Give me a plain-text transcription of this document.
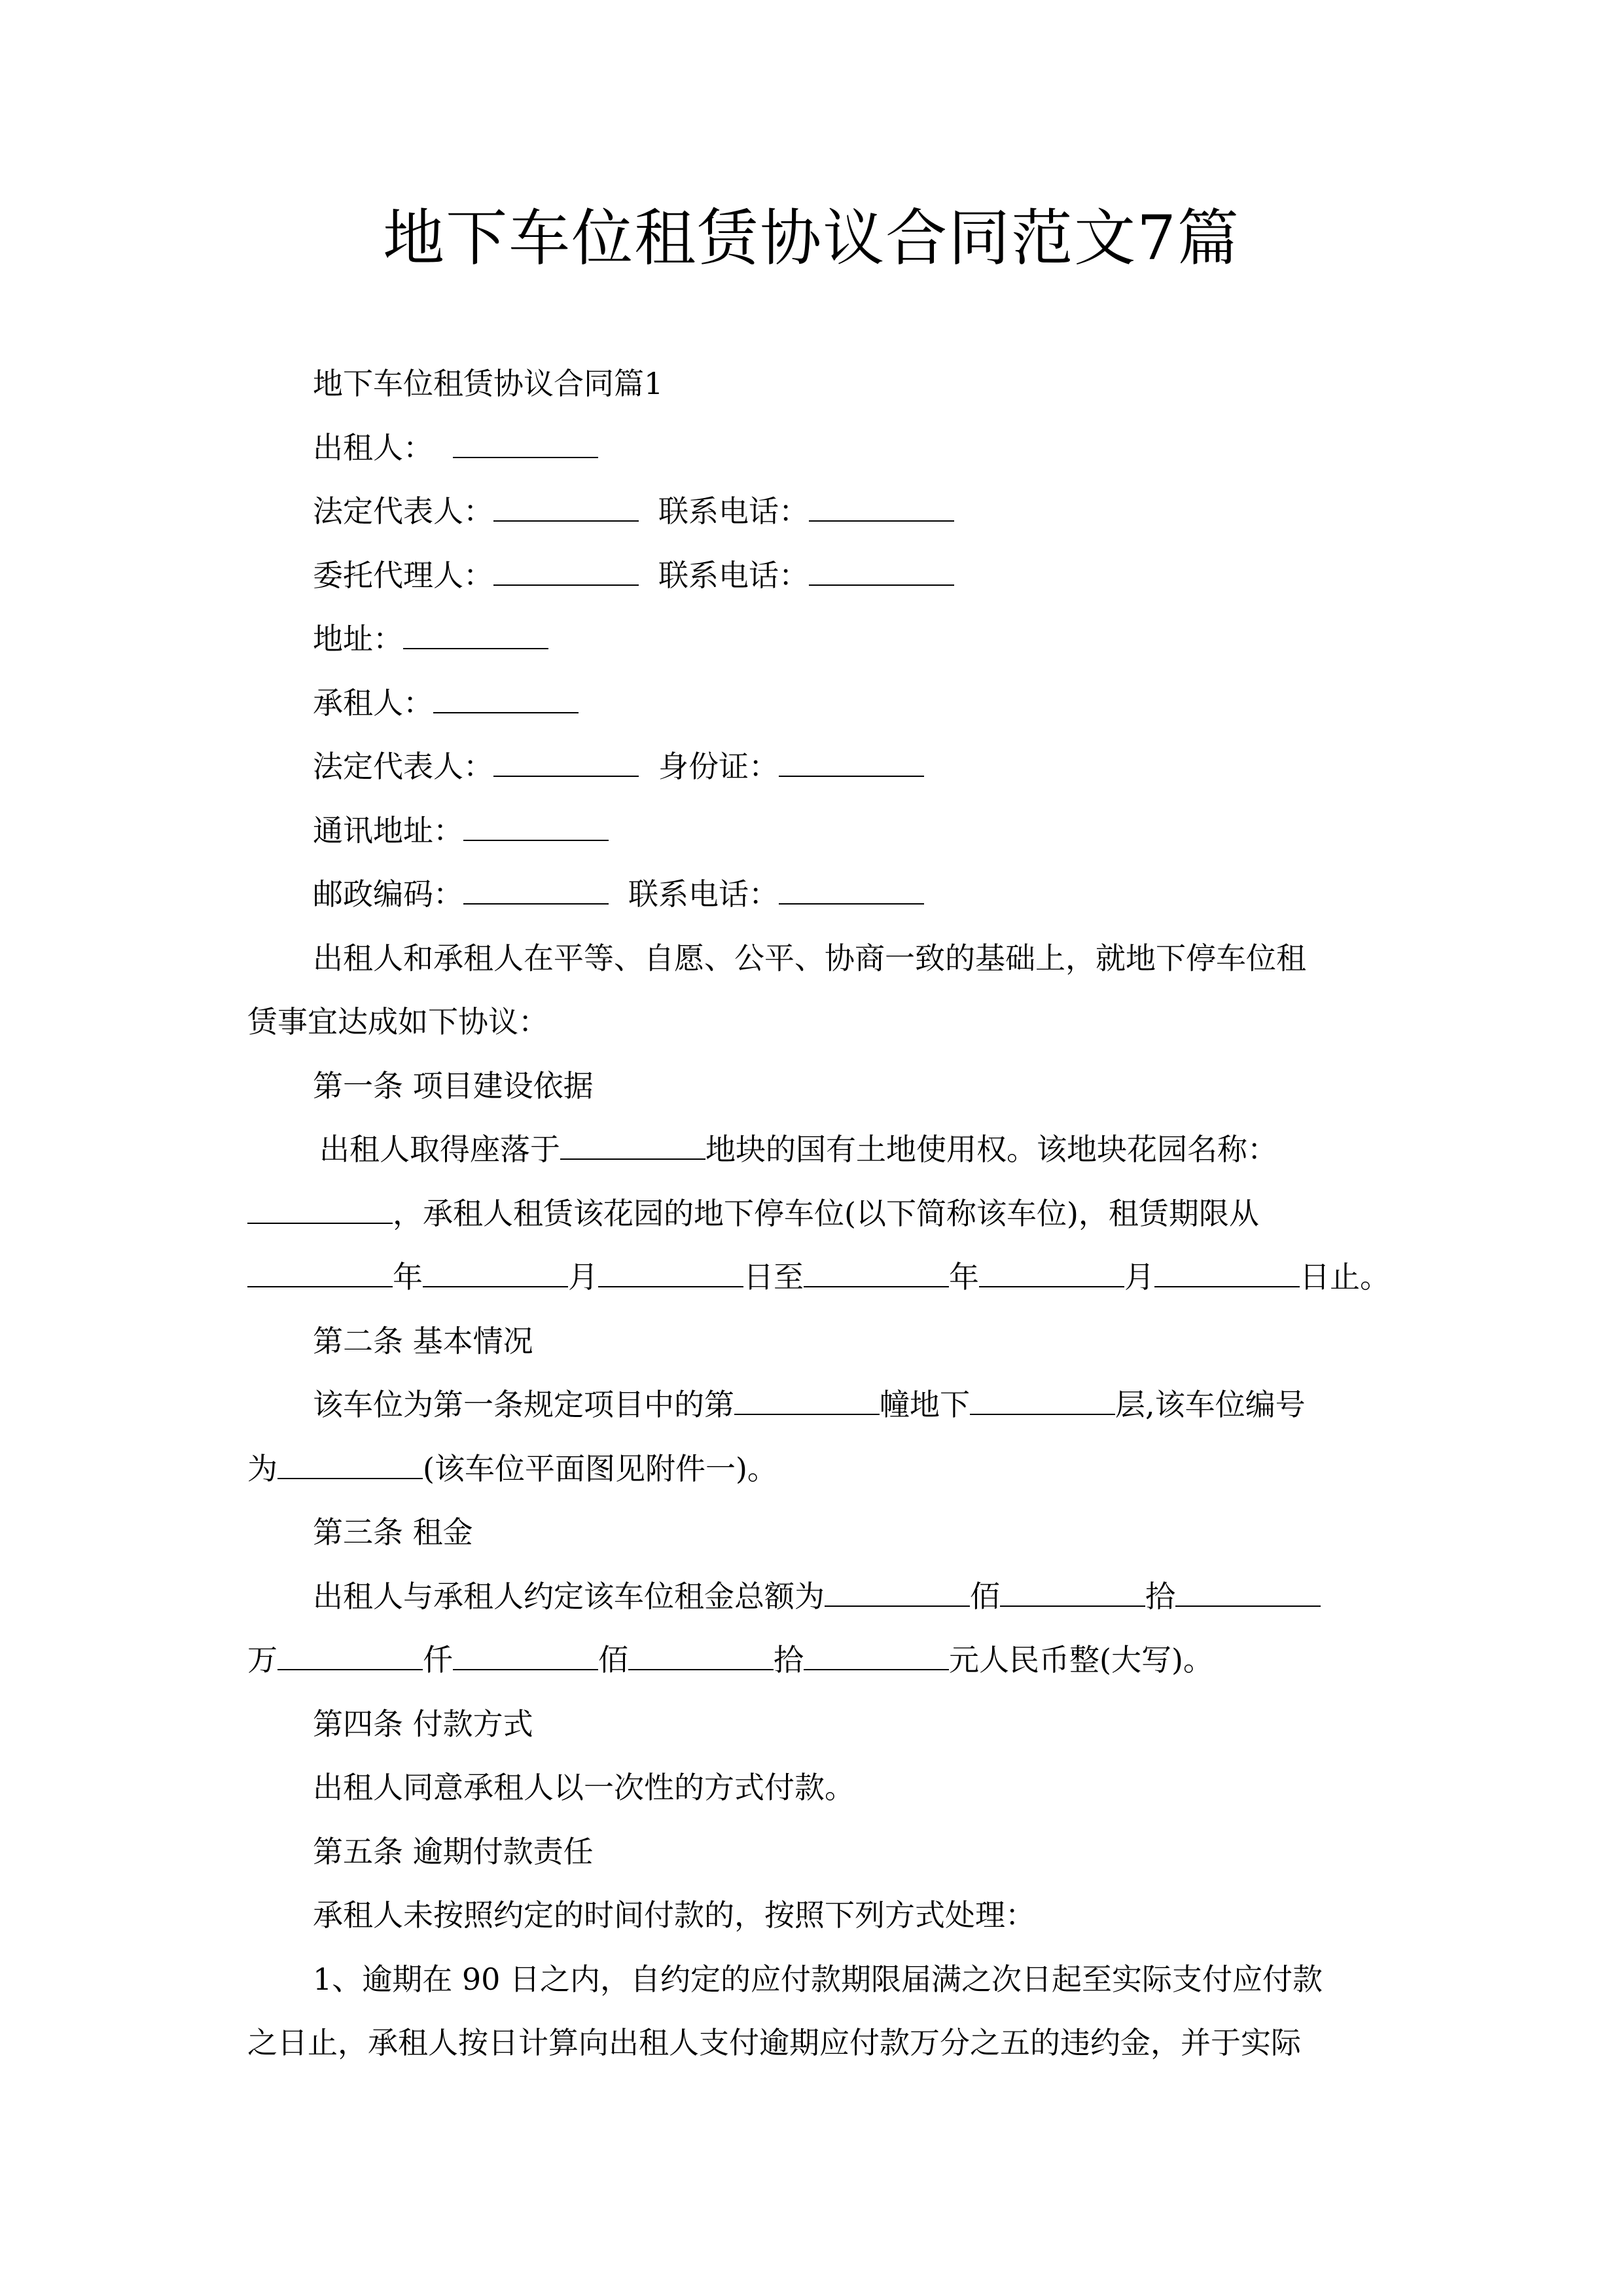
地下车位租赁协议合同范文7篇
地下车位租赁协议合同篇1
出租人：
法定代表人：	联系电话：
委托代理人：	联系电话：
地址：
承租人：
法定代表人：	身份证：
通讯地址：
邮政编码：	联系电话：
出租人和承租人在平等、自愿、公平、协商一致的基础上，就地下停车位租
赁事宜达成如下协议：
第一条 项目建设依据
出租人取得座落于	地块的国有土地使用权。该地块花园名称：
，承租人租赁该花园的地下停车位(以下简称该车位)，租赁期限从
年	月	日至	年	月	日止。
第二条 基本情况
该车位为第一条规定项目中的第	幢地下	层,该车位编号
为	(该车位平面图见附件一)。
第三条 租金
出租人与承租人约定该车位租金总额为	佰	拾
万	仟	佰	拾	元人民币整(大写)。
第四条 付款方式
出租人同意承租人以一次性的方式付款。
第五条 逾期付款责任
承租人未按照约定的时间付款的，按照下列方式处理：
1、逾期在 90 日之内，自约定的应付款期限届满之次日起至实际支付应付款
之日止，承租人按日计算向出租人支付逾期应付款万分之五的违约金，并于实际
